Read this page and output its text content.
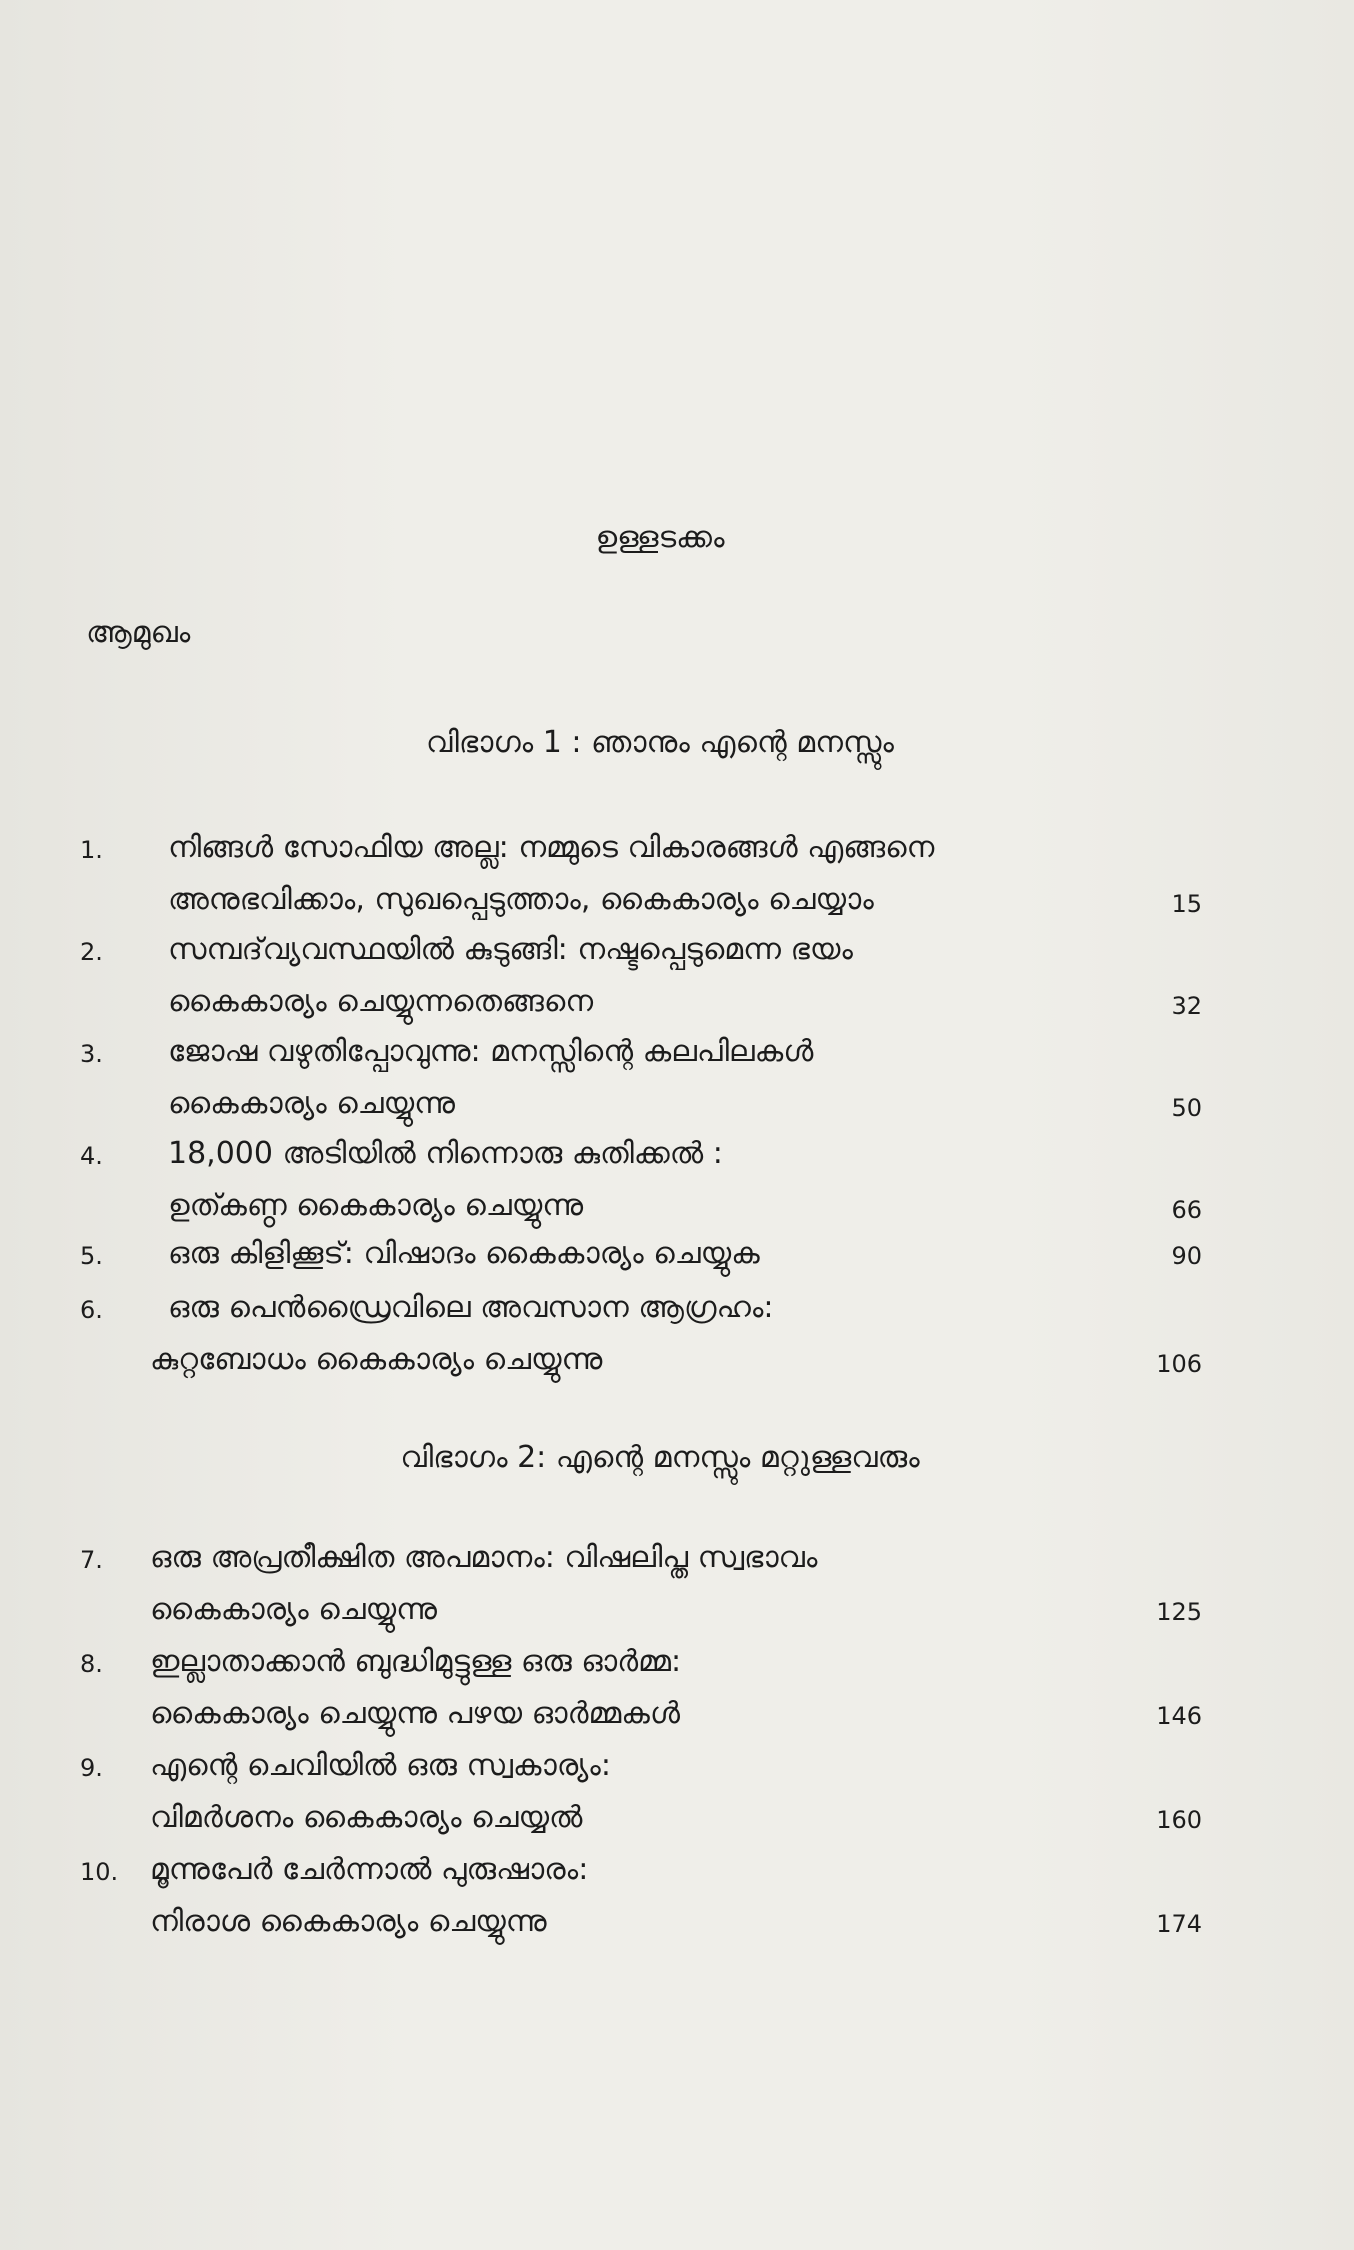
ഉള്ളടക്കം
ആമുഖം
വിഭാഗം 1 : ഞാനും എന്റെ മനസ്സും
1.	നിങ്ങൾ സോഫിയ അല്ല: നമ്മുടെ വികാരങ്ങൾ എങ്ങനെ
അനുഭവിക്കാം, സുഖപ്പെടുത്താം, കൈകാര്യം ചെയ്യാം	15
2.	സമ്പദ്‌വ്യവസ്ഥയിൽ കുടുങ്ങി: നഷ്ടപ്പെടുമെന്ന ഭയം
കൈകാര്യം ചെയ്യുന്നതെങ്ങനെ	32
3.	ജോഷ വഴുതിപ്പോവുന്നു: മനസ്സിന്റെ കലപിലകൾ
കൈകാര്യം ചെയ്യുന്നു	50
4.	18,000 അടിയിൽ നിന്നൊരു കുതിക്കൽ :
ഉത്കണ്ഠ കൈകാര്യം ചെയ്യുന്നു	66
5.	ഒരു കിളിക്കൂട്: വിഷാദം കൈകാര്യം ചെയ്യുക	90
6.	ഒരു പെൻഡ്രൈവിലെ അവസാന ആഗ്രഹം:
കുറ്റബോധം കൈകാര്യം ചെയ്യുന്നു	106
വിഭാഗം 2: എന്റെ മനസ്സും മറ്റുള്ളവരും
7.	ഒരു അപ്രതീക്ഷിത അപമാനം: വിഷലിപ്ത സ്വഭാവം
കൈകാര്യം ചെയ്യുന്നു	125
8.	ഇല്ലാതാക്കാൻ ബുദ്ധിമുട്ടുള്ള ഒരു ഓർമ്മ:
കൈകാര്യം ചെയ്യുന്നു പഴയ ഓർമ്മകൾ	146
9.	എന്റെ ചെവിയിൽ ഒരു സ്വകാര്യം:
വിമർശനം കൈകാര്യം ചെയ്യൽ	160
10.	മൂന്നുപേർ ചേർന്നാൽ പുരുഷാരം:
നിരാശ കൈകാര്യം ചെയ്യുന്നു	174
